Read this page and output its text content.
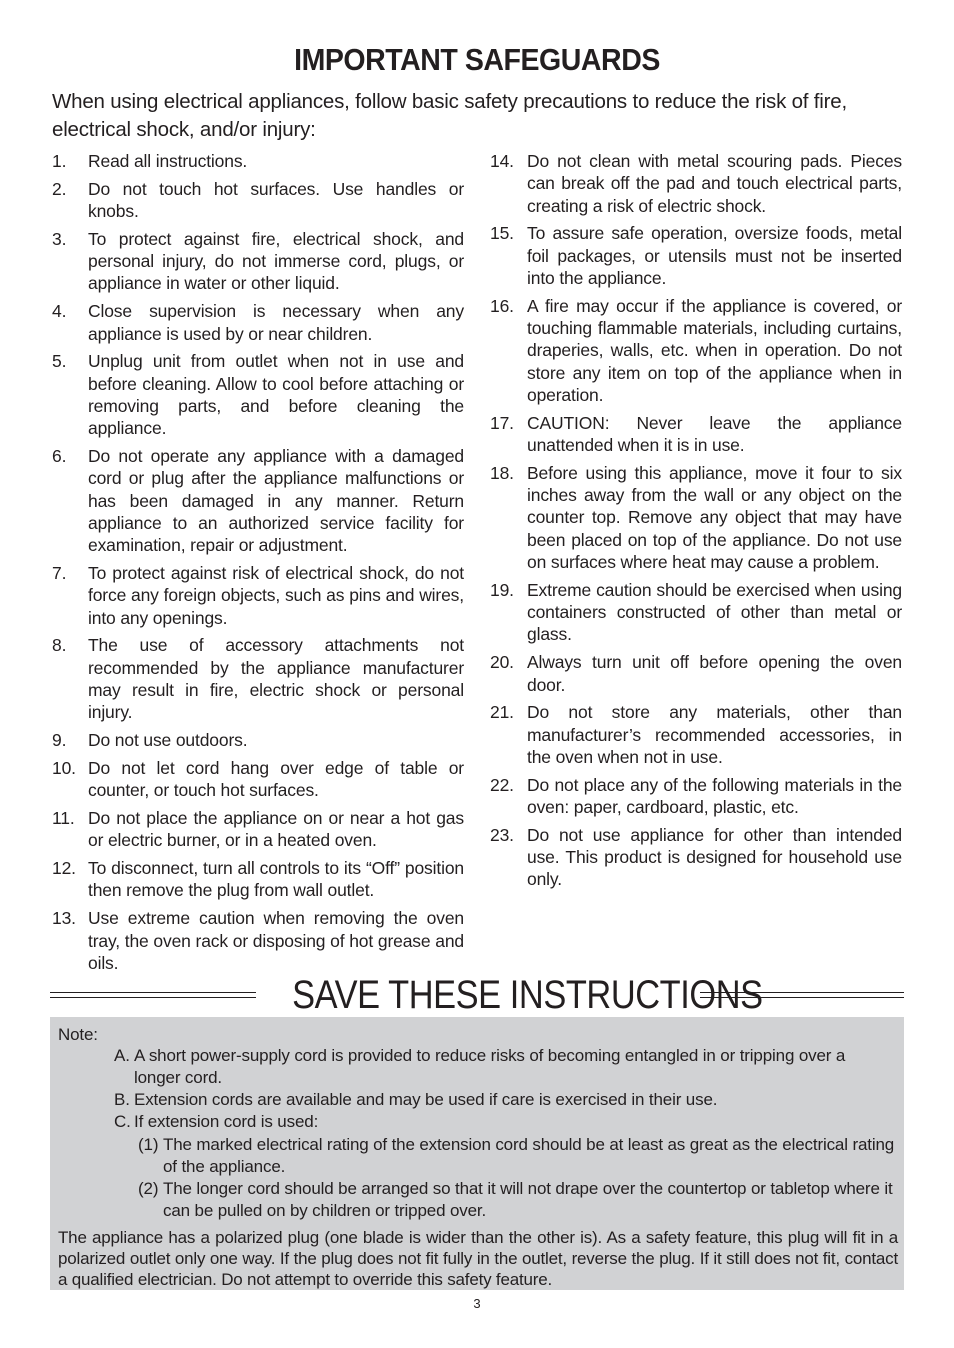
IMPORTANT SAFEGUARDS
When using electrical appliances, follow basic safety precautions to reduce the risk of fire, electrical shock, and/or injury:
1. Read all instructions.
2. Do not touch hot surfaces. Use handles or knobs.
3. To protect against fire, electrical shock, and personal injury, do not immerse cord, plugs, or appliance in water or other liquid.
4. Close supervision is necessary when any appliance is used by or near children.
5. Unplug unit from outlet when not in use and before cleaning. Allow to cool before attaching or removing parts, and before cleaning the appliance.
6. Do not operate any appliance with a damaged cord or plug after the appliance malfunctions or has been damaged in any manner. Return appliance to an authorized service facility for examination, repair or adjustment.
7. To protect against risk of electrical shock, do not force any foreign objects, such as pins and wires, into any openings.
8. The use of accessory attachments not recommended by the appliance manufacturer may result in fire, electric shock or personal injury.
9. Do not use outdoors.
10. Do not let cord hang over edge of table or counter, or touch hot surfaces.
11. Do not place the appliance on or near a hot gas or electric burner, or in a heated oven.
12. To disconnect, turn all controls to its “Off” position then remove the plug from wall outlet.
13. Use extreme caution when removing the oven tray, the oven rack or disposing of hot grease and oils.
14. Do not clean with metal scouring pads. Pieces can break off the pad and touch electrical parts, creating a risk of electric shock.
15. To assure safe operation, oversize foods, metal foil packages, or utensils must not be inserted into the appliance.
16. A fire may occur if the appliance is covered, or touching flammable materials, including curtains, draperies, walls, etc. when in operation. Do not store any item on top of the appliance when in operation.
17. CAUTION: Never leave the appliance unattended when it is in use.
18. Before using this appliance, move it four to six inches away from the wall or any object on the counter top. Remove any object that may have been placed on top of the appliance. Do not use on surfaces where heat may cause a problem.
19. Extreme caution should be exercised when using containers constructed of other than metal or glass.
20. Always turn unit off before opening the oven door.
21. Do not store any materials, other than manufacturer’s recommended accessories, in the oven when not in use.
22. Do not place any of the following materials in the oven: paper, cardboard, plastic, etc.
23. Do not use appliance for other than intended use. This product is designed for household use only.
SAVE THESE INSTRUCTIONS
Note:
A. A short power-supply cord is provided to reduce risks of becoming entangled in or tripping over a longer cord.
B. Extension cords are available and may be used if care is exercised in their use.
C. If extension cord is used:
(1) The marked electrical rating of the extension cord should be at least as great as the electrical rating of the appliance.
(2) The longer cord should be arranged so that it will not drape over the countertop or tabletop where it can be pulled on by children or tripped over.
The appliance has a polarized plug (one blade is wider than the other is). As a safety feature, this plug will fit in a polarized outlet only one way. If the plug does not fit fully in the outlet, reverse the plug. If it still does not fit, contact a qualified electrician. Do not attempt to override this safety feature.
3
